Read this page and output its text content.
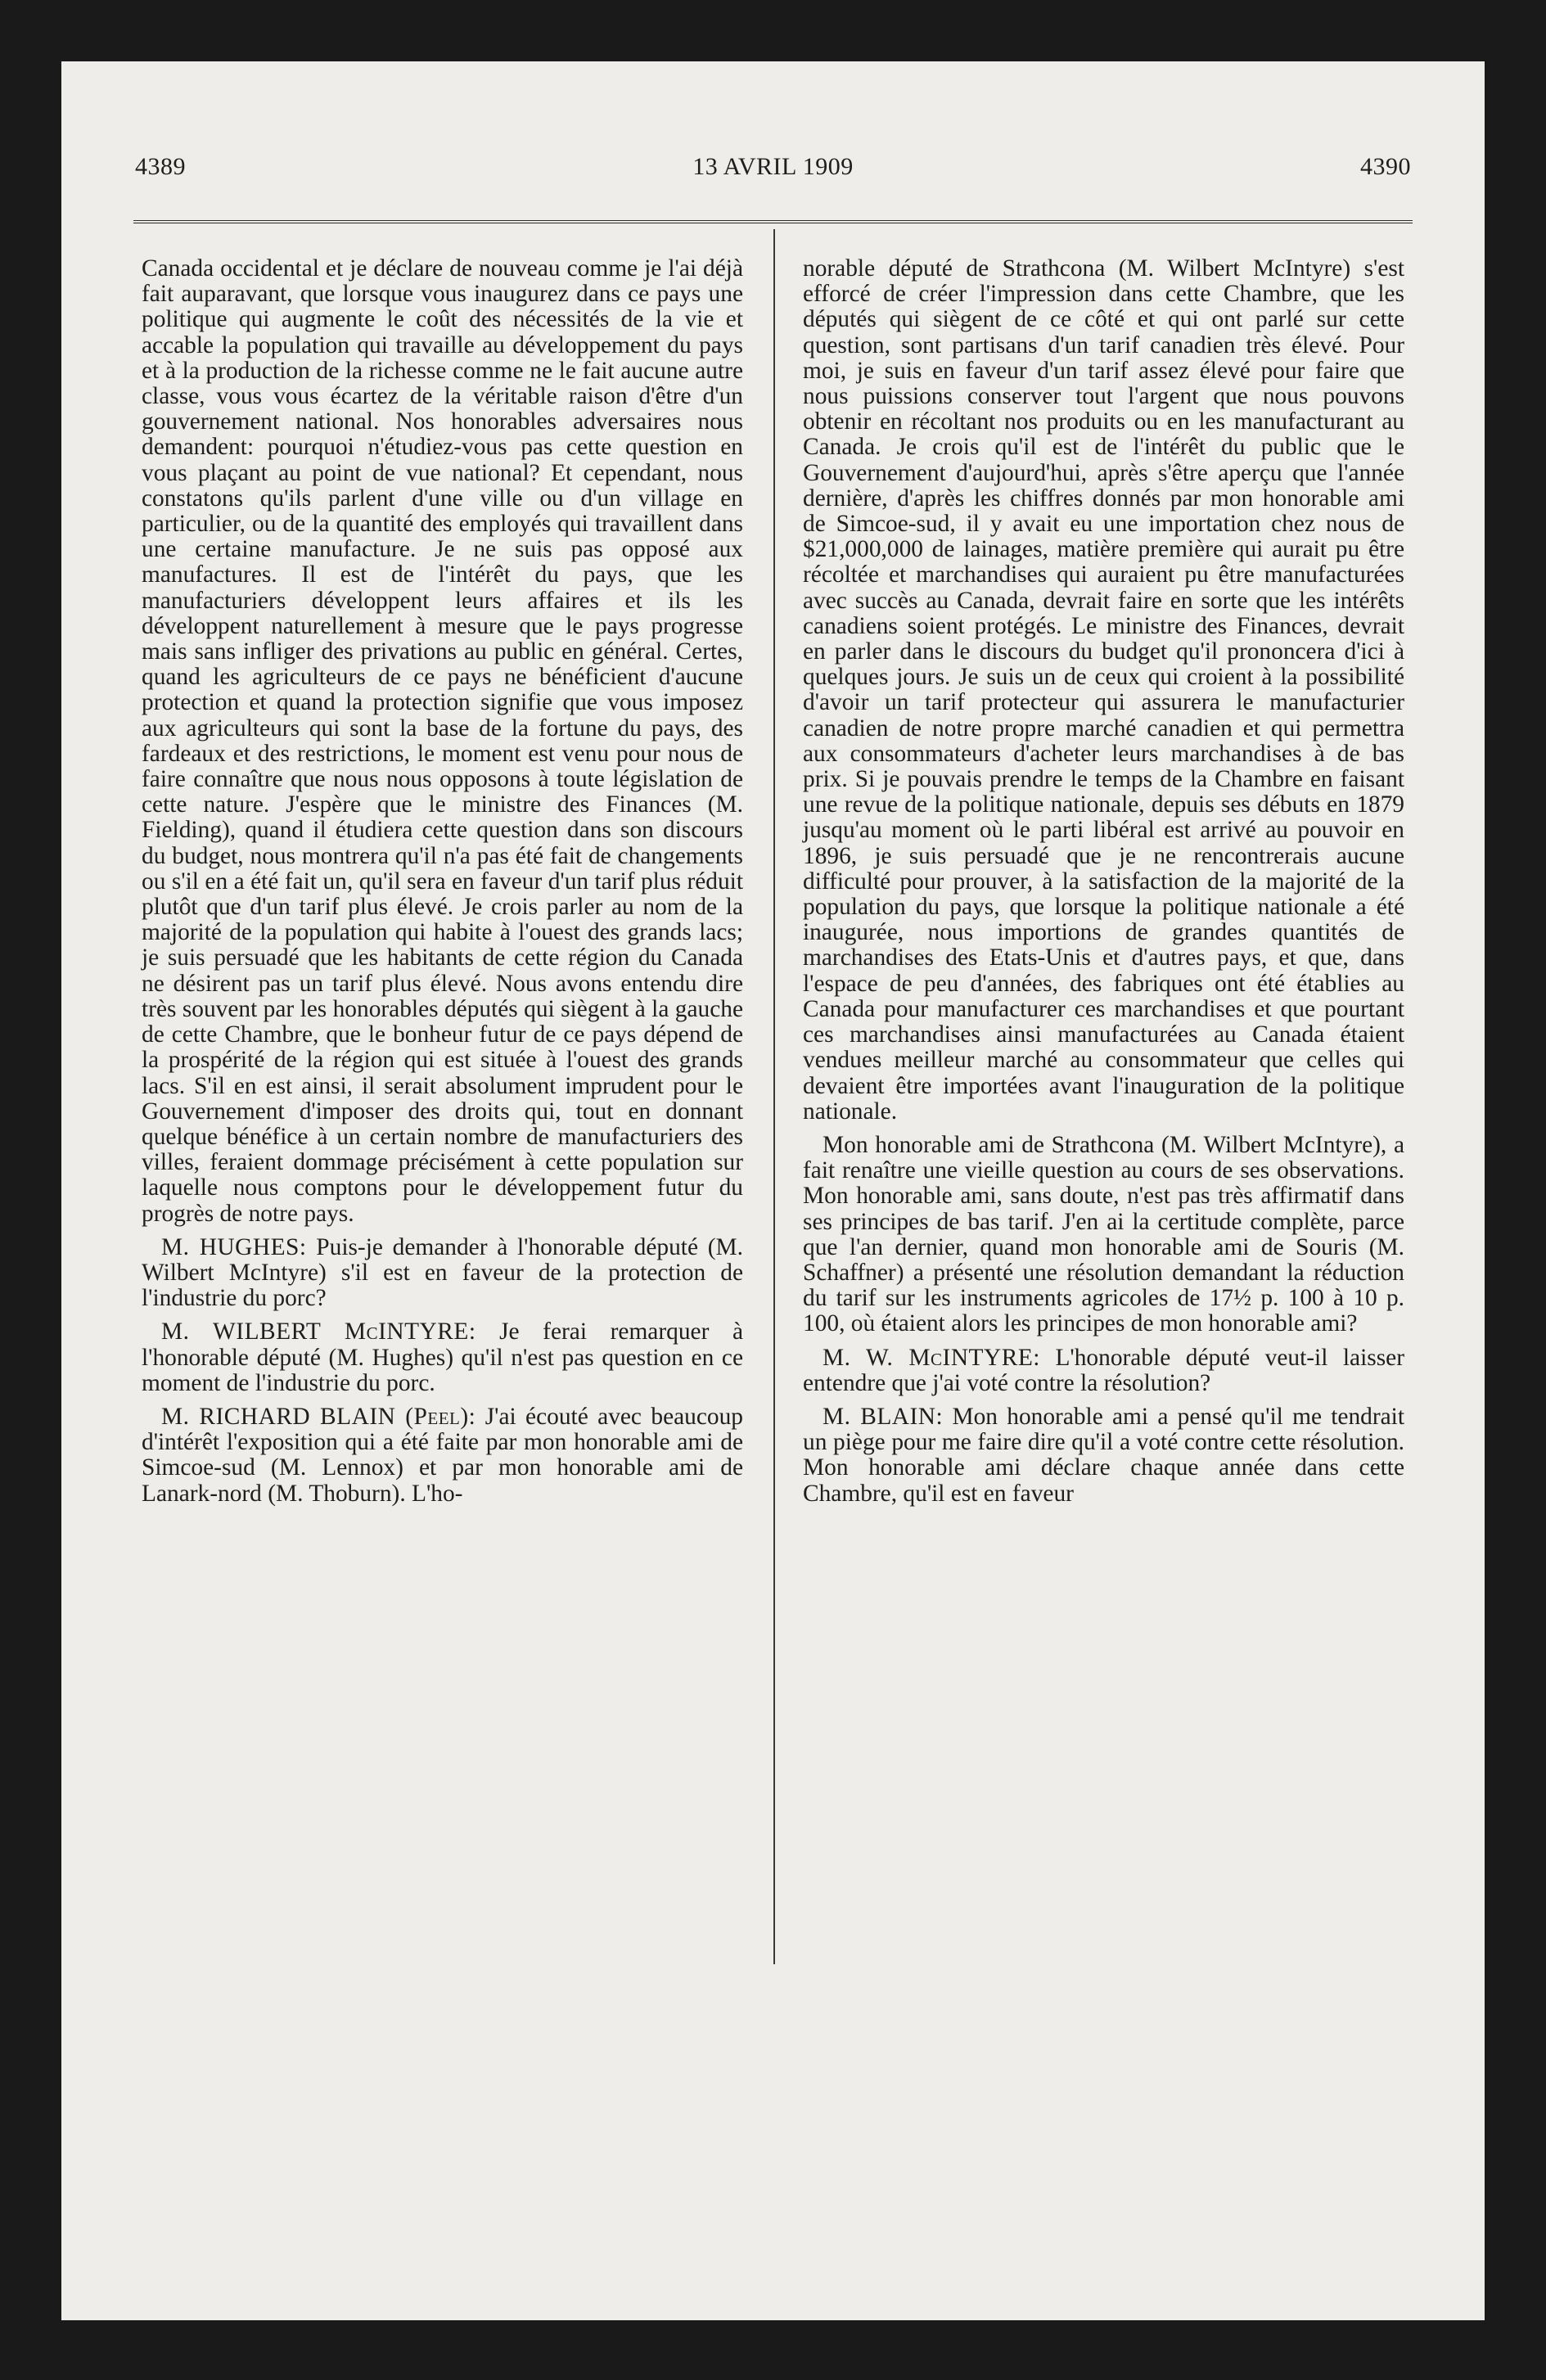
4389	13 AVRIL 1909	4390

Canada occidental et je déclare de nouveau comme je l'ai déjà fait auparavant, que lorsque vous inaugurez dans ce pays une politique qui augmente le coût des nécessités de la vie et accable la population qui travaille au développement du pays et à la production de la richesse comme ne le fait aucune autre classe, vous vous écartez de la véritable raison d'être d'un gouvernement national. Nos honorables adversaires nous demandent: pourquoi n'étudiez-vous pas cette question en vous plaçant au point de vue national? Et cependant, nous constatons qu'ils parlent d'une ville ou d'un village en particulier, ou de la quantité des employés qui travaillent dans une certaine manufacture. Je ne suis pas opposé aux manufactures. Il est de l'intérêt du pays, que les manufacturiers développent leurs affaires et ils les développent naturellement à mesure que le pays progresse mais sans infliger des privations au public en général. Certes, quand les agriculteurs de ce pays ne bénéficient d'aucune protection et quand la protection signifie que vous imposez aux agriculteurs qui sont la base de la fortune du pays, des fardeaux et des restrictions, le moment est venu pour nous de faire connaître que nous nous opposons à toute législation de cette nature. J'espère que le ministre des Finances (M. Fielding), quand il étudiera cette question dans son discours du budget, nous montrera qu'il n'a pas été fait de changements ou s'il en a été fait un, qu'il sera en faveur d'un tarif plus réduit plutôt que d'un tarif plus élevé. Je crois parler au nom de la majorité de la population qui habite à l'ouest des grands lacs; je suis persuadé que les habitants de cette région du Canada ne désirent pas un tarif plus élevé. Nous avons entendu dire très souvent par les honorables députés qui siègent à la gauche de cette Chambre, que le bonheur futur de ce pays dépend de la prospérité de la région qui est située à l'ouest des grands lacs. S'il en est ainsi, il serait absolument imprudent pour le Gouvernement d'imposer des droits qui, tout en donnant quelque bénéfice à un certain nombre de manufacturiers des villes, feraient dommage précisément à cette population sur laquelle nous comptons pour le développement futur du progrès de notre pays.

M. HUGHES: Puis-je demander à l'honorable député (M. Wilbert McIntyre) s'il est en faveur de la protection de l'industrie du porc?

M. WILBERT McINTYRE: Je ferai remarquer à l'honorable député (M. Hughes) qu'il n'est pas question en ce moment de l'industrie du porc.

M. RICHARD BLAIN (Peel): J'ai écouté avec beaucoup d'intérêt l'exposition qui a été faite par mon honorable ami de Simcoe-sud (M. Lennox) et par mon honorable ami de Lanark-nord (M. Thoburn). L'ho-

norable député de Strathcona (M. Wilbert McIntyre) s'est efforcé de créer l'impression dans cette Chambre, que les députés qui siègent de ce côté et qui ont parlé sur cette question, sont partisans d'un tarif canadien très élevé. Pour moi, je suis en faveur d'un tarif assez élevé pour faire que nous puissions conserver tout l'argent que nous pouvons obtenir en récoltant nos produits ou en les manufacturant au Canada. Je crois qu'il est de l'intérêt du public que le Gouvernement d'aujourd'hui, après s'être aperçu que l'année dernière, d'après les chiffres donnés par mon honorable ami de Simcoe-sud, il y avait eu une importation chez nous de $21,000,000 de lainages, matière première qui aurait pu être récoltée et marchandises qui auraient pu être manufacturées avec succès au Canada, devrait faire en sorte que les intérêts canadiens soient protégés. Le ministre des Finances, devrait en parler dans le discours du budget qu'il prononcera d'ici à quelques jours. Je suis un de ceux qui croient à la possibilité d'avoir un tarif protecteur qui assurera le manufacturier canadien de notre propre marché canadien et qui permettra aux consommateurs d'acheter leurs marchandises à de bas prix. Si je pouvais prendre le temps de la Chambre en faisant une revue de la politique nationale, depuis ses débuts en 1879 jusqu'au moment où le parti libéral est arrivé au pouvoir en 1896, je suis persuadé que je ne rencontrerais aucune difficulté pour prouver, à la satisfaction de la majorité de la population du pays, que lorsque la politique nationale a été inaugurée, nous importions de grandes quantités de marchandises des Etats-Unis et d'autres pays, et que, dans l'espace de peu d'années, des fabriques ont été établies au Canada pour manufacturer ces marchandises et que pourtant ces marchandises ainsi manufacturées au Canada étaient vendues meilleur marché au consommateur que celles qui devaient être importées avant l'inauguration de la politique nationale.

Mon honorable ami de Strathcona (M. Wilbert McIntyre), a fait renaître une vieille question au cours de ses observations. Mon honorable ami, sans doute, n'est pas très affirmatif dans ses principes de bas tarif. J'en ai la certitude complète, parce que l'an dernier, quand mon honorable ami de Souris (M. Schaffner) a présenté une résolution demandant la réduction du tarif sur les instruments agricoles de 17½ p. 100 à 10 p. 100, où étaient alors les principes de mon honorable ami?

M. W. McINTYRE: L'honorable député veut-il laisser entendre que j'ai voté contre la résolution?

M. BLAIN: Mon honorable ami a pensé qu'il me tendrait un piège pour me faire dire qu'il a voté contre cette résolution. Mon honorable ami déclare chaque année dans cette Chambre, qu'il est en faveur
